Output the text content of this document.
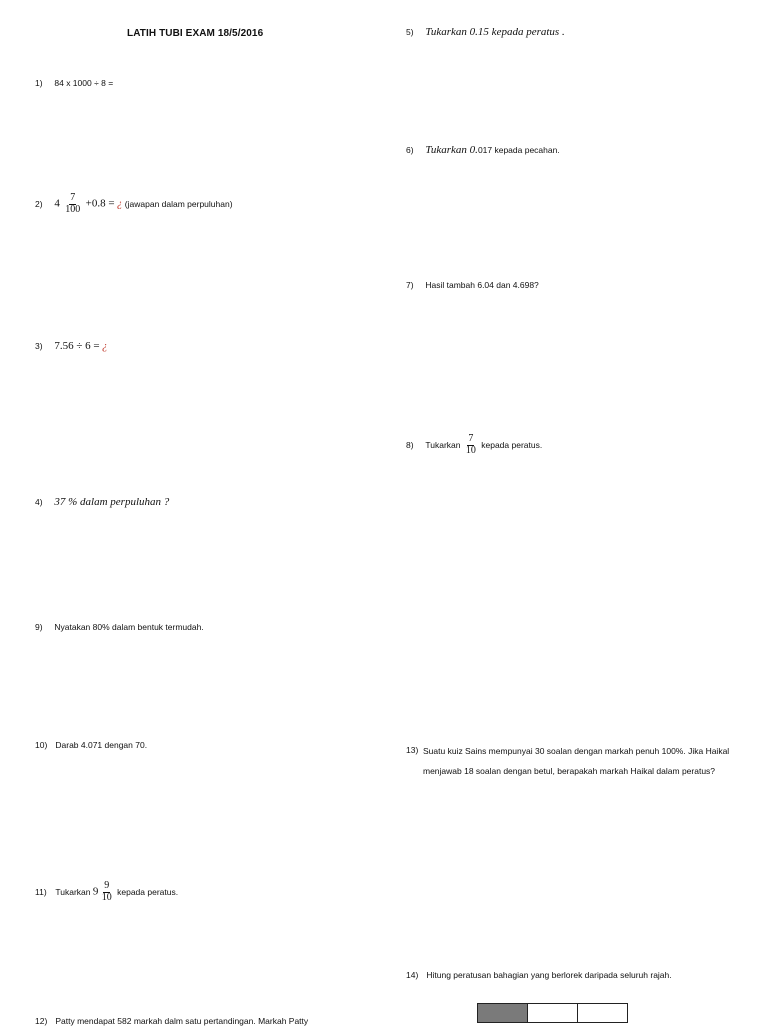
LATIH TUBI EXAM 18/5/2016
1) 84 x 1000 ÷ 8 =
2) $4 \frac{7}{100} +0.8$ = ¿ (jawapan dalam perpuluhan)
3) 7.56 ÷ 6 = ¿
4) 37 % dalam perpuluhan ?
5) Tukarkan 0.15 kepada peratus .
6) Tukarkan 0.017 kepada pecahan.
7) Hasil tambah 6.04 dan 4.698?
8) Tukarkan $\frac{7}{10}$ kepada peratus.
9) Nyatakan 80% dalam bentuk termudah.
10) Darab 4.071 dengan 70.
11) Tukarkan $9 \frac{9}{10}$ kepada peratus.
12) Patty mendapat 582 markah dalm satu pertandingan. Markah Patty
13) Suatu kuiz Sains mempunyai 30 soalan dengan markah penuh 100%. Jika Haikal menjawab 18 soalan dengan betul, berapakah markah Haikal dalam peratus?
14) Hitung peratusan bahagian yang berlorek daripada seluruh rajah.
